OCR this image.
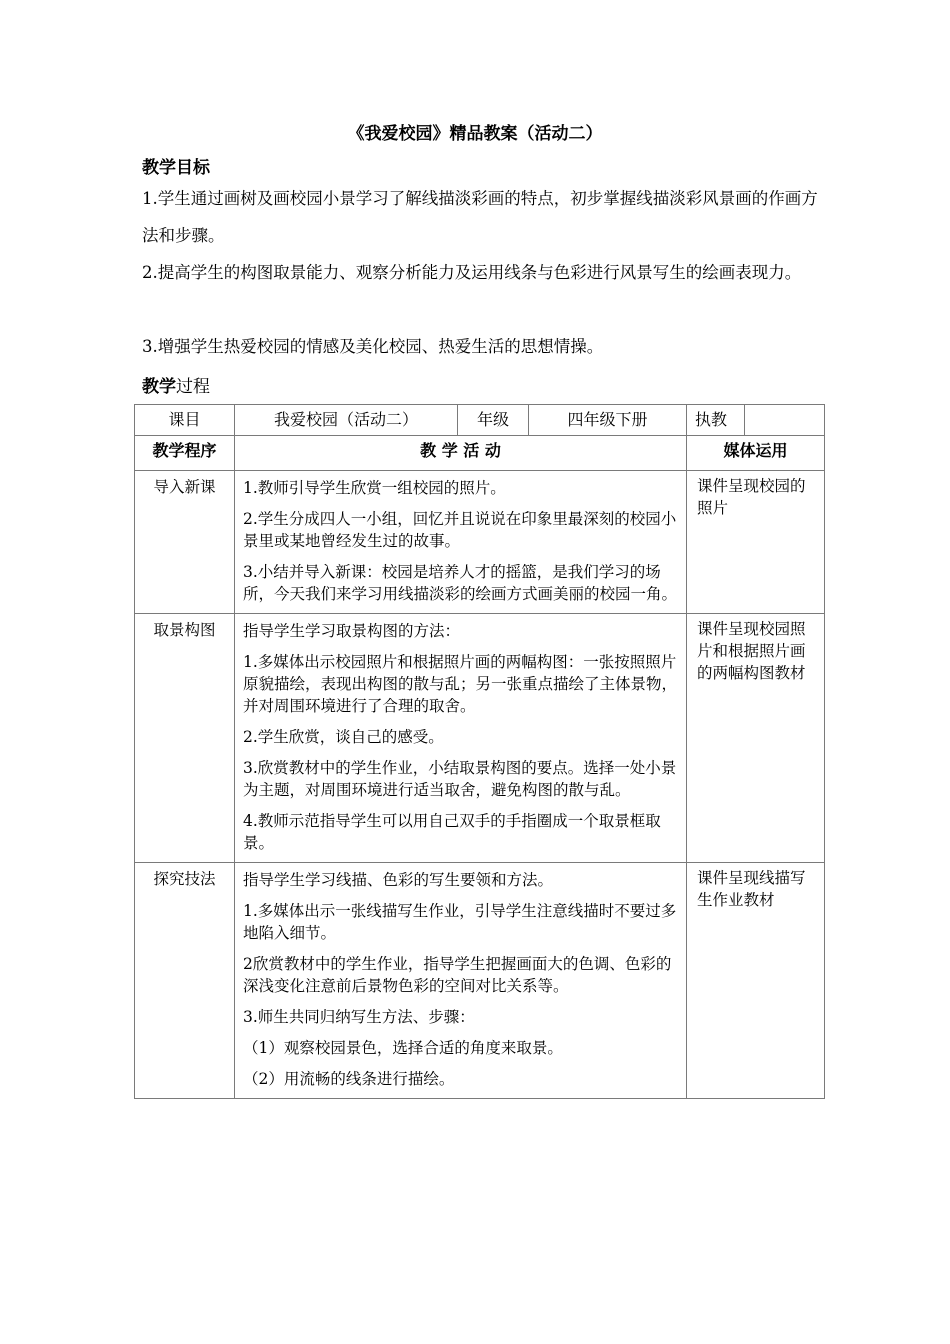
《我爱校园》精品教案（活动二）
教学目标
1.学生通过画树及画校园小景学习了解线描淡彩画的特点，初步掌握线描淡彩风景画的作画方法和步骤。
2.提高学生的构图取景能力、观察分析能力及运用线条与色彩进行风景写生的绘画表现力。
3.增强学生热爱校园的情感及美化校园、热爱生活的思想情操。
教学过程
课目	我爱校园（活动二）	年级	四年级下册	执教	
教学程序	教 学 活 动			媒体运用	
导入新课	1.教师引导学生欣赏一组校园的照片。

2.学生分成四人一小组，回忆并且说说在印象里最深刻的校园小景里或某地曾经发生过的故事。

3.小结并导入新课：校园是培养人才的摇篮，是我们学习的场所，今天我们来学习用线描淡彩的绘画方式画美丽的校园一角。			课件呈现校园的照片	
取景构图	指导学生学习取景构图的方法：

1.多媒体出示校园照片和根据照片画的两幅构图：一张按照照片原貌描绘，表现出构图的散与乱；另一张重点描绘了主体景物，并对周围环境进行了合理的取舍。

2.学生欣赏，谈自己的感受。

3.欣赏教材中的学生作业，小结取景构图的要点。选择一处小景为主题，对周围环境进行适当取舍，避免构图的散与乱。

4.教师示范指导学生可以用自己双手的手指圈成一个取景框取景。			课件呈现校园照片和根据照片画的两幅构图教材	
探究技法	指导学生学习线描、色彩的写生要领和方法。

1.多媒体出示一张线描写生作业，引导学生注意线描时不要过多地陷入细节。

2欣赏教材中的学生作业，指导学生把握画面大的色调、色彩的深浅变化注意前后景物色彩的空间对比关系等。

3.师生共同归纳写生方法、步骤：

（1）观察校园景色，选择合适的角度来取景。

（2）用流畅的线条进行描绘。

	课件呈现线描写生作业教材
